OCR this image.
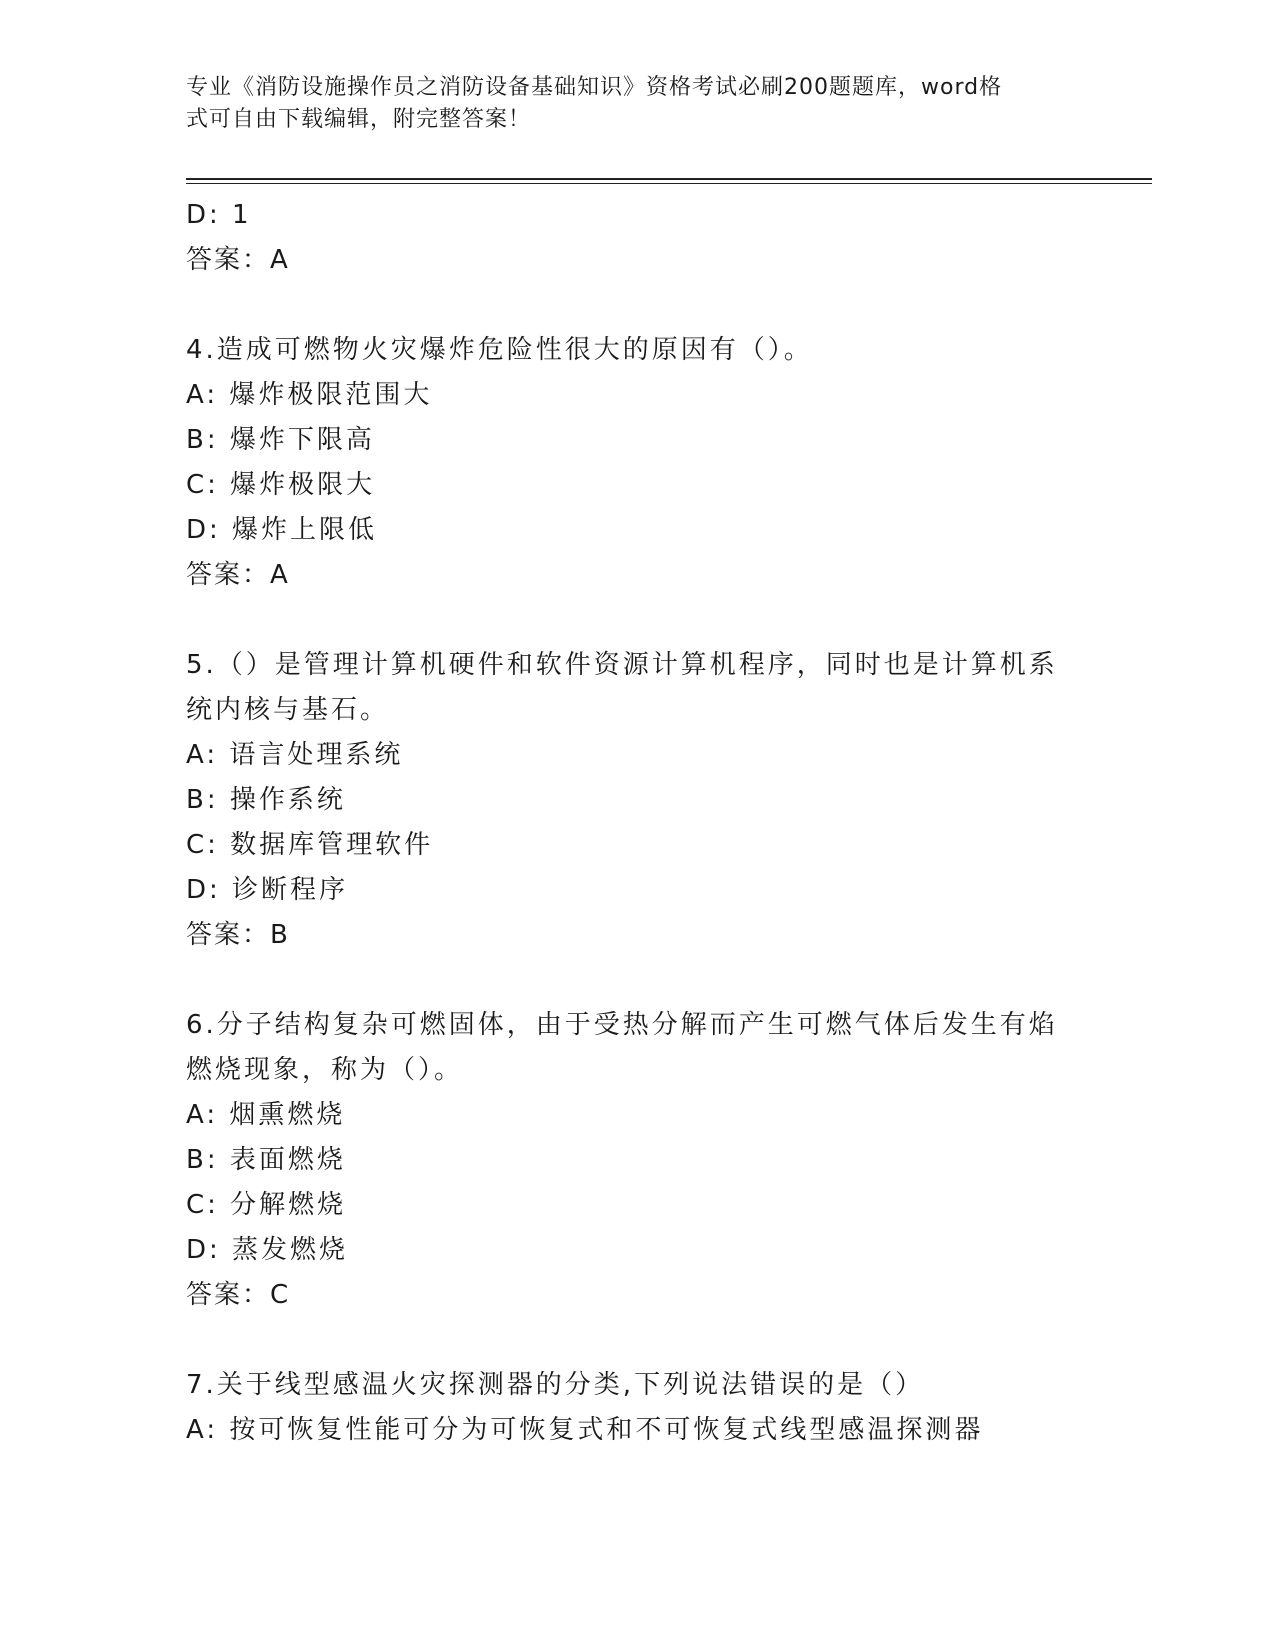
专业《消防设施操作员之消防设备基础知识》资格考试必刷200题题库，word格
式可自由下载编辑，附完整答案！
D: 1
答案：A
4.造成可燃物火灾爆炸危险性很大的原因有（）。
A: 爆炸极限范围大
B: 爆炸下限高
C: 爆炸极限大
D: 爆炸上限低
答案：A
5.（）是管理计算机硬件和软件资源计算机程序，同时也是计算机系
统内核与基石。
A: 语言处理系统
B: 操作系统
C: 数据库管理软件
D: 诊断程序
答案：B
6.分子结构复杂可燃固体，由于受热分解而产生可燃气体后发生有焰
燃烧现象，称为（）。
A: 烟熏燃烧
B: 表面燃烧
C: 分解燃烧
D: 蒸发燃烧
答案：C
7.关于线型感温火灾探测器的分类,下列说法错误的是（）
A: 按可恢复性能可分为可恢复式和不可恢复式线型感温探测器
